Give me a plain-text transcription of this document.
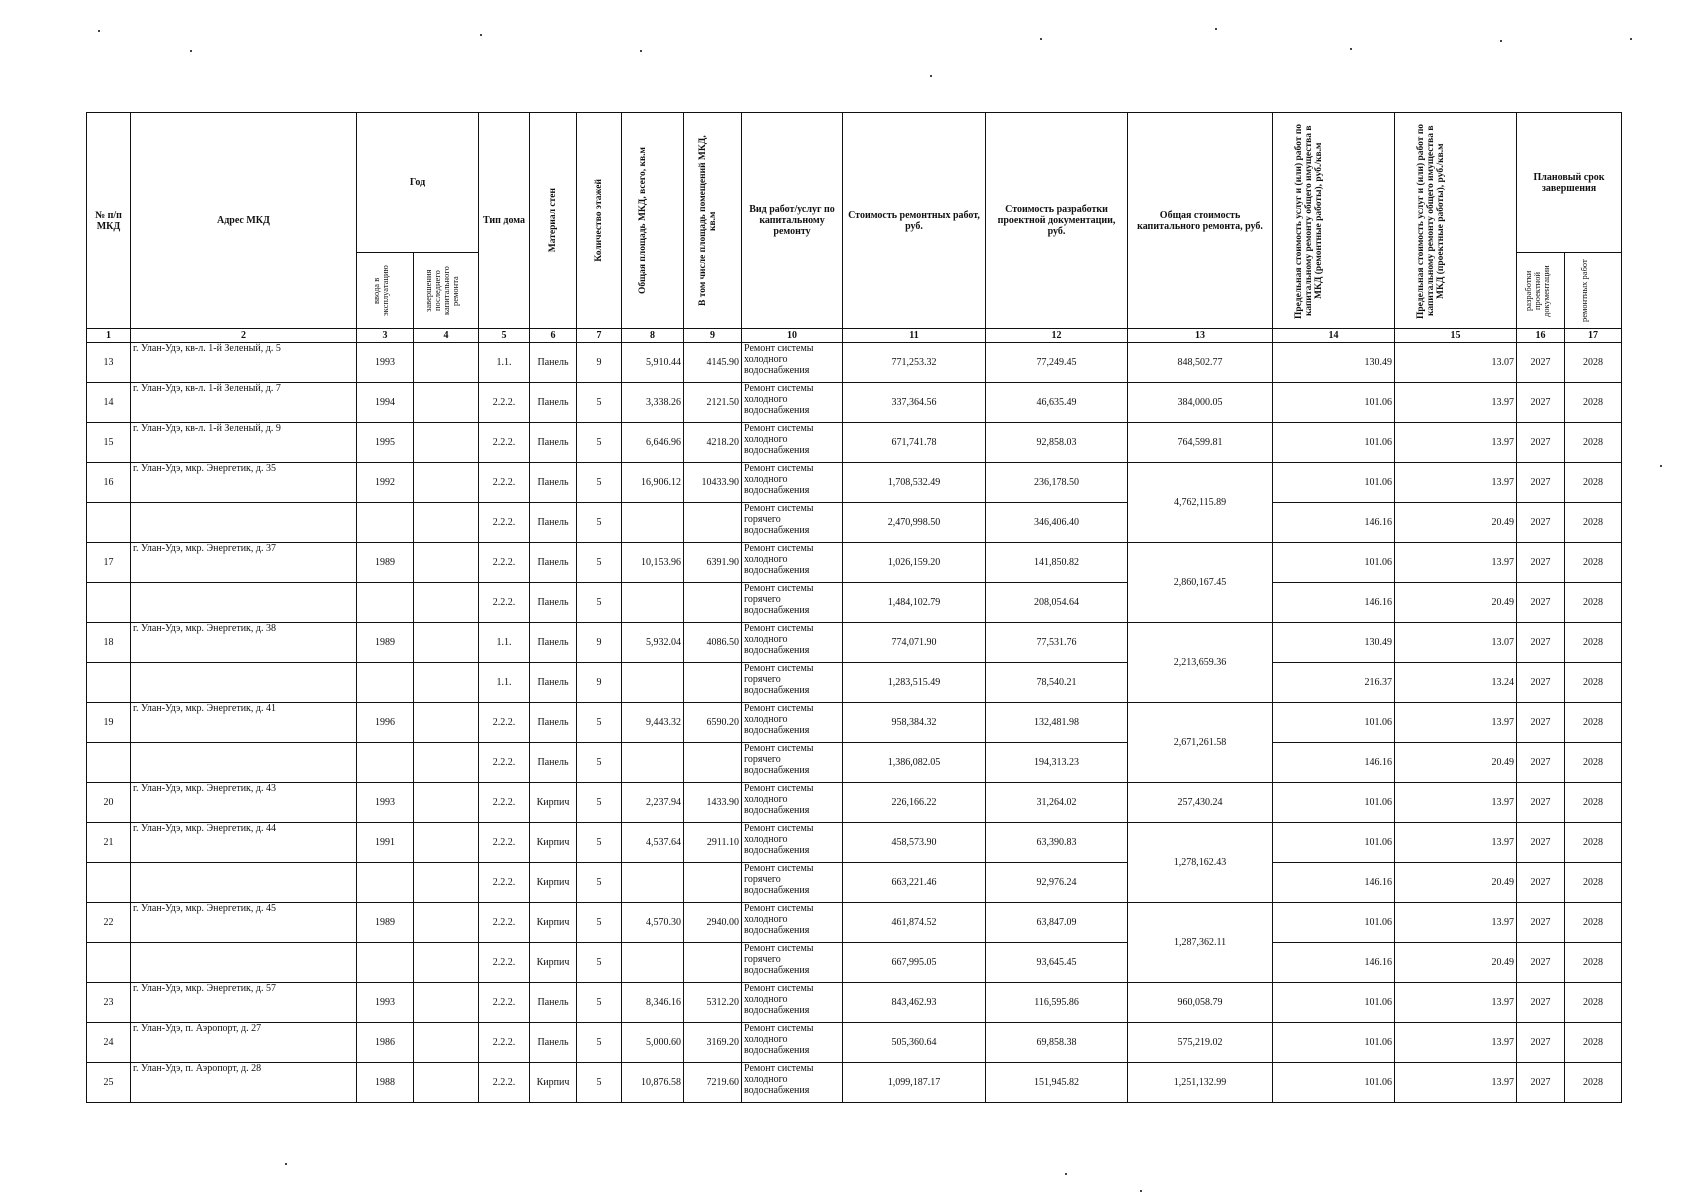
№ п/п МКД	Адрес МКД	Год		Тип дома	Материал стен	Количество этажей	Общая площадь МКД, всего, кв.м	В том числе площадь помещений МКД, кв.м	Вид работ/услуг по капитальному ремонту	Стоимость ремонтных работ, руб.	Стоимость разработки проектной документации, руб.	Общая стоимость капитального ремонта, руб.	Предельная стоимость услуг и (или) работ по капитальному ремонту общего имущества в МКД (ремонтные работы), руб./кв.м	Предельная стоимость услуг и (или) работ по капитальному ремонту общего имущества в МКД (проектные работы), руб./кв.м	Плановый срок завершения	

		ввода в эксплуатацию	завершения последнего капитального ремонта												разработки проектной документации	ремонтных работ

1	2	3	4	5	6	7	8	9	10	11	12	13	14	15	16	17
13	г. Улан-Удэ, кв-л. 1-й Зеленый, д. 5	1993		1.1.	Панель	9	5,910.44	4145.90	Ремонт системы холодного водоснабжения	771,253.32	77,249.45	848,502.77	130.49	13.07	2027	2028
14	г. Улан-Удэ, кв-л. 1-й Зеленый, д. 7	1994		2.2.2.	Панель	5	3,338.26	2121.50	Ремонт системы холодного водоснабжения	337,364.56	46,635.49	384,000.05	101.06	13.97	2027	2028
15	г. Улан-Удэ, кв-л. 1-й Зеленый, д. 9	1995		2.2.2.	Панель	5	6,646.96	4218.20	Ремонт системы холодного водоснабжения	671,741.78	92,858.03	764,599.81	101.06	13.97	2027	2028
16	г. Улан-Удэ, мкр. Энергетик, д. 35	1992		2.2.2.	Панель	5	16,906.12	10433.90	Ремонт системы холодного водоснабжения	1,708,532.49	236,178.50	4,762,115.89	101.06	13.97	2027	2028
				2.2.2.	Панель	5			Ремонт системы горячего водоснабжения	2,470,998.50	346,406.40		146.16	20.49	2027	2028
17	г. Улан-Удэ, мкр. Энергетик, д. 37	1989		2.2.2.	Панель	5	10,153.96	6391.90	Ремонт системы холодного водоснабжения	1,026,159.20	141,850.82	2,860,167.45	101.06	13.97	2027	2028
				2.2.2.	Панель	5			Ремонт системы горячего водоснабжения	1,484,102.79	208,054.64		146.16	20.49	2027	2028
18	г. Улан-Удэ, мкр. Энергетик, д. 38	1989		1.1.	Панель	9	5,932.04	4086.50	Ремонт системы холодного водоснабжения	774,071.90	77,531.76	2,213,659.36	130.49	13.07	2027	2028
				1.1.	Панель	9			Ремонт системы горячего водоснабжения	1,283,515.49	78,540.21		216.37	13.24	2027	2028
19	г. Улан-Удэ, мкр. Энергетик, д. 41	1996		2.2.2.	Панель	5	9,443.32	6590.20	Ремонт системы холодного водоснабжения	958,384.32	132,481.98	2,671,261.58	101.06	13.97	2027	2028
				2.2.2.	Панель	5			Ремонт системы горячего водоснабжения	1,386,082.05	194,313.23		146.16	20.49	2027	2028
20	г. Улан-Удэ, мкр. Энергетик, д. 43	1993		2.2.2.	Кирпич	5	2,237.94	1433.90	Ремонт системы холодного водоснабжения	226,166.22	31,264.02	257,430.24	101.06	13.97	2027	2028
21	г. Улан-Удэ, мкр. Энергетик, д. 44	1991		2.2.2.	Кирпич	5	4,537.64	2911.10	Ремонт системы холодного водоснабжения	458,573.90	63,390.83	1,278,162.43	101.06	13.97	2027	2028
				2.2.2.	Кирпич	5			Ремонт системы горячего водоснабжения	663,221.46	92,976.24		146.16	20.49	2027	2028
22	г. Улан-Удэ, мкр. Энергетик, д. 45	1989		2.2.2.	Кирпич	5	4,570.30	2940.00	Ремонт системы холодного водоснабжения	461,874.52	63,847.09	1,287,362.11	101.06	13.97	2027	2028
				2.2.2.	Кирпич	5			Ремонт системы горячего водоснабжения	667,995.05	93,645.45		146.16	20.49	2027	2028
23	г. Улан-Удэ, мкр. Энергетик, д. 57	1993		2.2.2.	Панель	5	8,346.16	5312.20	Ремонт системы холодного водоснабжения	843,462.93	116,595.86	960,058.79	101.06	13.97	2027	2028
24	г. Улан-Удэ, п. Аэропорт, д. 27	1986		2.2.2.	Панель	5	5,000.60	3169.20	Ремонт системы холодного водоснабжения	505,360.64	69,858.38	575,219.02	101.06	13.97	2027	2028
25	г. Улан-Удэ, п. Аэропорт, д. 28	1988		2.2.2.	Кирпич	5	10,876.58	7219.60	Ремонт системы холодного водоснабжения	1,099,187.17	151,945.82	1,251,132.99	101.06	13.97	2027	2028
